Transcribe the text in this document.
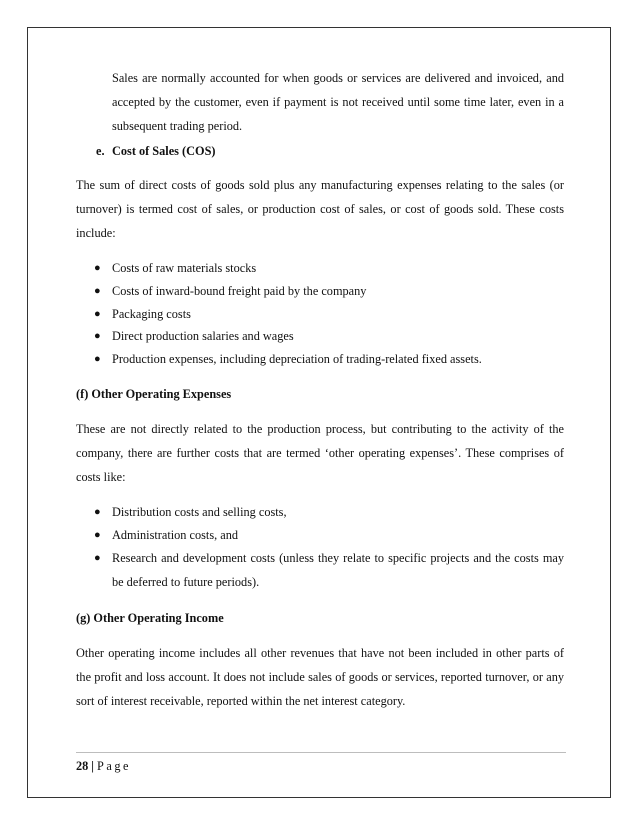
Sales are normally accounted for when goods or services are delivered and invoiced, and accepted by the customer, even if payment is not received until some time later, even in a subsequent trading period.

e. Cost of Sales (COS)

The sum of direct costs of goods sold plus any manufacturing expenses relating to the sales (or turnover) is termed cost of sales, or production cost of sales, or cost of goods sold. These costs include:

● Costs of raw materials stocks
● Costs of inward-bound freight paid by the company
● Packaging costs
● Direct production salaries and wages
● Production expenses, including depreciation of trading-related fixed assets.

(f) Other Operating Expenses

These are not directly related to the production process, but contributing to the activity of the company, there are further costs that are termed ‘other operating expenses’. These comprises of costs like:

● Distribution costs and selling costs,
● Administration costs, and
● Research and development costs (unless they relate to specific projects and the costs may be deferred to future periods).

(g) Other Operating Income

Other operating income includes all other revenues that have not been included in other parts of the profit and loss account. It does not include sales of goods or services, reported turnover, or any sort of interest receivable, reported within the net interest category.

28 | Page
